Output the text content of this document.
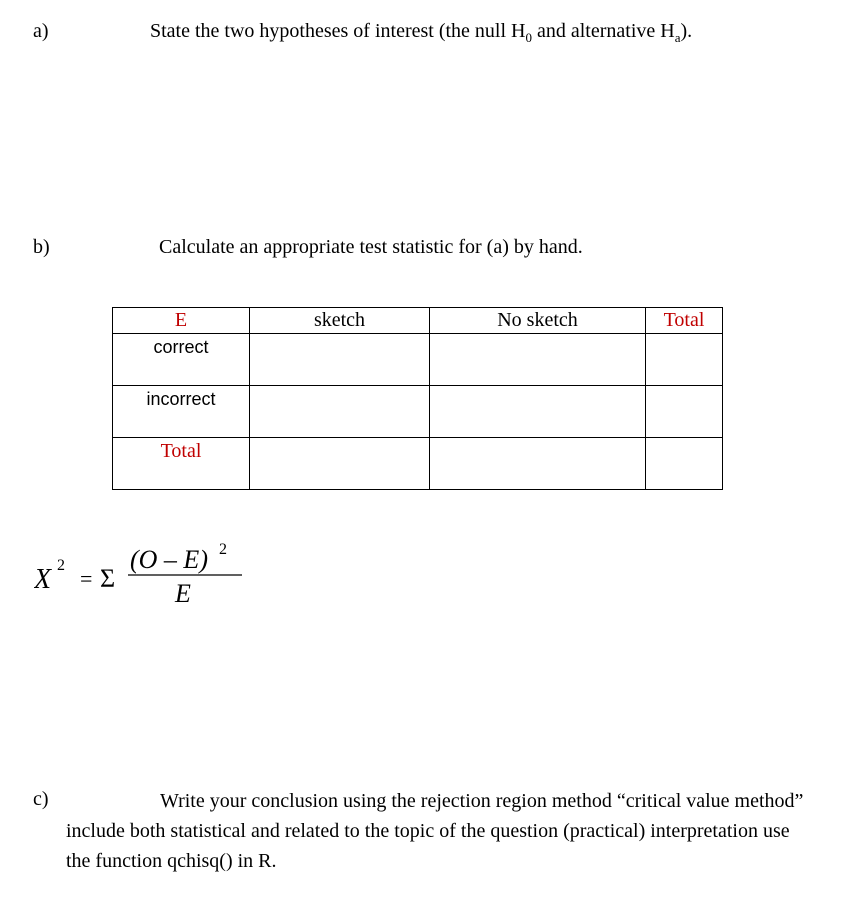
a)	State the two hypotheses of interest (the null $H_0$ and alternative $H_a$).
b)	Calculate an appropriate test statistic for (a) by hand.
E	sketch	No sketch	Total
correct			
incorrect			
Total			
X 2
= Σ
(O – E) 2
E
c)	Write your conclusion using the rejection region method “critical value method” include both statistical and related to the topic of the question (practical) interpretation use the function qchisq() in R.
